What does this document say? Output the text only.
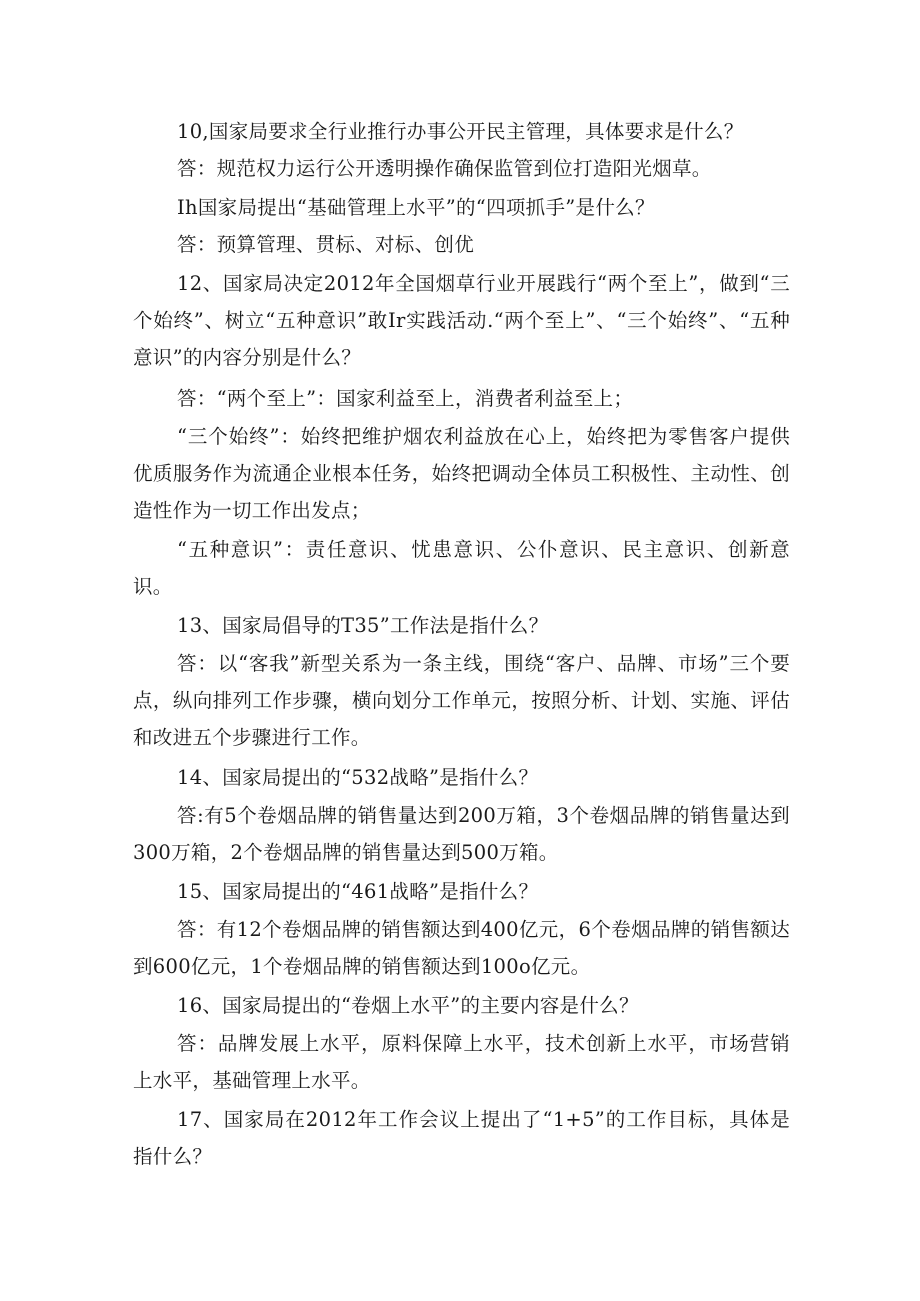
10,国家局要求全行业推行办事公开民主管理，具体要求是什么？

答：规范权力运行公开透明操作确保监管到位打造阳光烟草。

Ih国家局提出“基础管理上水平”的“四项抓手”是什么？

答：预算管理、贯标、对标、创优

12、国家局决定2012年全国烟草行业开展践行“两个至上”，做到“三个始终”、树立“五种意识”敢Ir实践活动.“两个至上”、“三个始终”、“五种意识”的内容分别是什么？

答：“两个至上”：国家利益至上，消费者利益至上；

“三个始终”：始终把维护烟农利益放在心上，始终把为零售客户提供优质服务作为流通企业根本任务，始终把调动全体员工积极性、主动性、创造性作为一切工作出发点；

“五种意识”：责任意识、忧患意识、公仆意识、民主意识、创新意识。

13、国家局倡导的T35”工作法是指什么？

答：以“客我”新型关系为一条主线，围绕“客户、品牌、市场”三个要点，纵向排列工作步骤，横向划分工作单元，按照分析、计划、实施、评估和改进五个步骤进行工作。

14、国家局提出的“532战略”是指什么？

答:有5个卷烟品牌的销售量达到200万箱，3个卷烟品牌的销售量达到300万箱，2个卷烟品牌的销售量达到500万箱。

15、国家局提出的“461战略”是指什么？

答：有12个卷烟品牌的销售额达到400亿元，6个卷烟品牌的销售额达到600亿元，1个卷烟品牌的销售额达到100o亿元。

16、国家局提出的“卷烟上水平”的主要内容是什么？

答：品牌发展上水平，原料保障上水平，技术创新上水平，市场营销上水平，基础管理上水平。

17、国家局在2012年工作会议上提出了“1+5”的工作目标，具体是指什么？
